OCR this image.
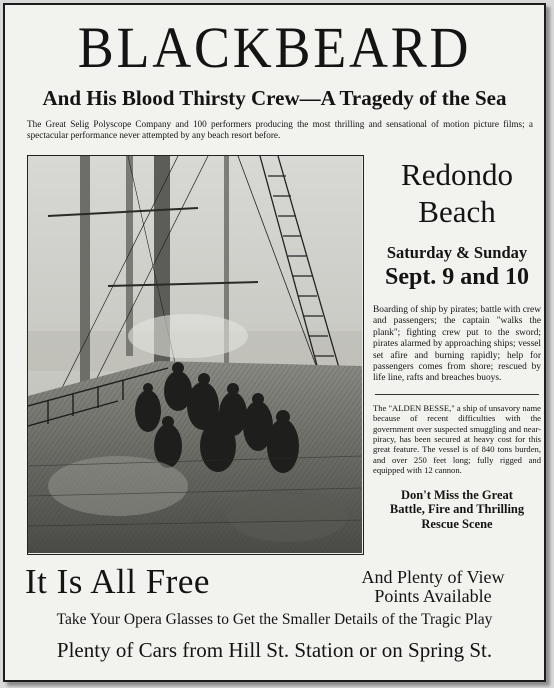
BLACKBEARD
And His Blood Thirsty Crew—A Tragedy of the Sea
The Great Selig Polyscope Company and 100 performers producing the most thrilling and sensational of motion picture films; a spectacular performance never attempted by any beach resort before.
Redondo
Beach
Saturday & Sunday
Sept. 9 and 10
Boarding of ship by pirates; battle with crew and passengers; the captain "walks the plank"; fighting crew put to the sword; pirates alarmed by approaching ships; vessel set afire and burning rapidly; help for passengers comes from shore; rescued by life line, rafts and breaches buoys.
The "ALDEN BESSE," a ship of unsavory name because of recent difficulties with the government over suspected smuggling and near-piracy, has been secured at heavy cost for this great feature. The vessel is of 840 tons burden, and over 250 feet long; fully rigged and equipped with 12 cannon.
Don't Miss the Great
Battle, Fire and Thrilling
Rescue Scene
It Is All Free	And Plenty of View
Points Available
Take Your Opera Glasses to Get the Smaller Details of the Tragic Play
Plenty of Cars from Hill St. Station or on Spring St.
